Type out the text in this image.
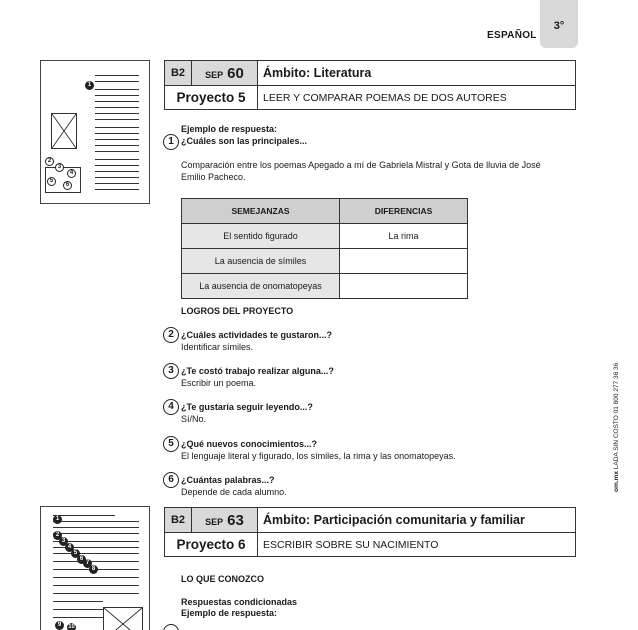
ESPAÑOL
3°
1
2
3
4
5
6
1
2
3
4
5
6
7
8
9	10
B2	SEP 60	Ámbito: Literatura
Proyecto 5	LEER Y COMPARAR POEMAS DE DOS AUTORES
Ejemplo de respuesta:
1 ¿Cuáles son las principales...
Comparación entre los poemas Apegado a mí de Gabriela Mistral y Gota de lluvia de José
Emilio Pacheco.
SEMEJANZAS	DIFERENCIAS
El sentido figurado	La rima
La ausencia de símiles	
La ausencia de onomatopeyas	
LOGROS DEL PROYECTO
2 ¿Cuáles actividades te gustaron...?
Identificar símiles.
3 ¿Te costó trabajo realizar alguna...?
Escribir un poema.
4 ¿Te gustaría seguir leyendo...?
Sí/No.
5 ¿Qué nuevos conocimientos...?
El lenguaje literal y figurado, los símiles, la rima y las onomatopeyas.
6 ¿Cuántas palabras...?
Depende de cada alumno.
B2	SEP 63	Ámbito: Participación comunitaria y familiar
Proyecto 6	ESCRIBIR SOBRE SU NACIMIENTO
LO QUE CONOZCO
Respuestas condicionadas
Ejemplo de respuesta:
om.mx LADA SIN COSTO 01 800 277 36 36
